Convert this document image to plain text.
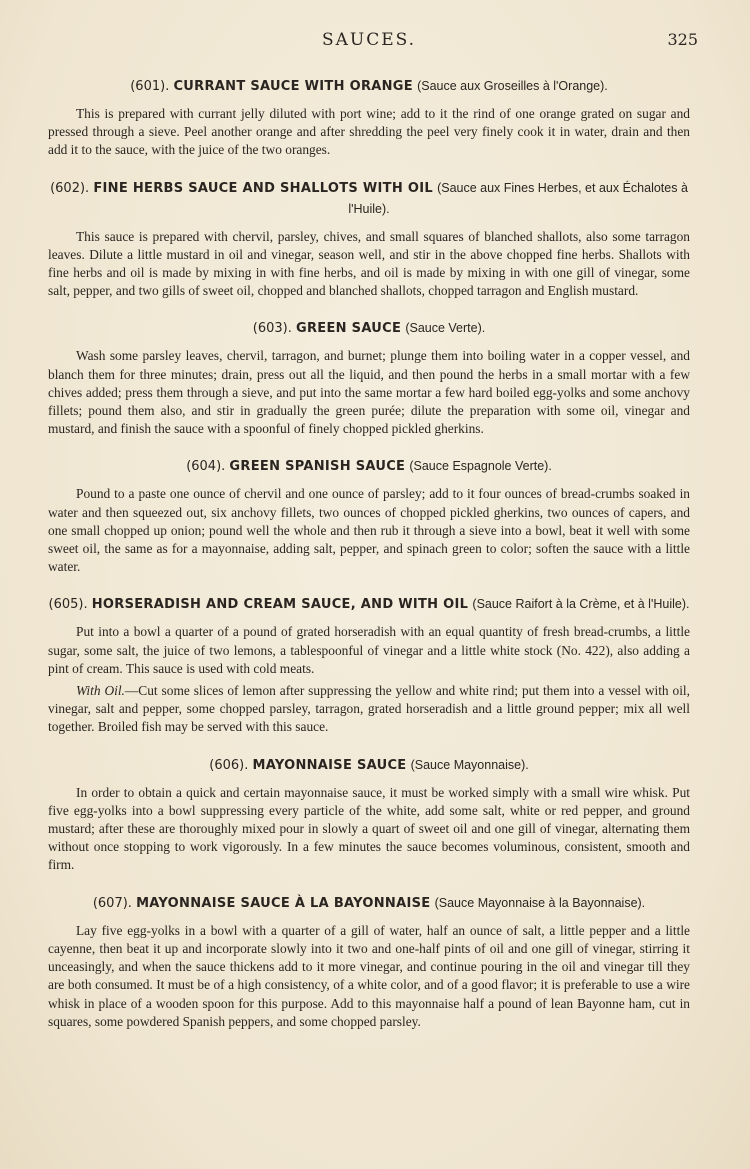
SAUCES.	325
(601). CURRANT SAUCE WITH ORANGE (Sauce aux Groseilles à l'Orange).

This is prepared with currant jelly diluted with port wine; add to it the rind of one orange grated on sugar and pressed through a sieve. Peel another orange and after shredding the peel very finely cook it in water, drain and then add it to the sauce, with the juice of the two oranges.

(602). FINE HERBS SAUCE AND SHALLOTS WITH OIL (Sauce aux Fines Herbes, et aux Échalotes à l'Huile).

This sauce is prepared with chervil, parsley, chives, and small squares of blanched shallots, also some tarragon leaves. Dilute a little mustard in oil and vinegar, season well, and stir in the above chopped fine herbs. Shallots with fine herbs and oil is made by mixing in with fine herbs, and oil is made by mixing in with one gill of vinegar, some salt, pepper, and two gills of sweet oil, chopped and blanched shallots, chopped tarragon and English mustard.

(603). GREEN SAUCE (Sauce Verte).

Wash some parsley leaves, chervil, tarragon, and burnet; plunge them into boiling water in a copper vessel, and blanch them for three minutes; drain, press out all the liquid, and then pound the herbs in a small mortar with a few chives added; press them through a sieve, and put into the same mortar a few hard boiled egg-yolks and some anchovy fillets; pound them also, and stir in gradually the green purée; dilute the preparation with some oil, vinegar and mustard, and finish the sauce with a spoonful of finely chopped pickled gherkins.

(604). GREEN SPANISH SAUCE (Sauce Espagnole Verte).

Pound to a paste one ounce of chervil and one ounce of parsley; add to it four ounces of bread-crumbs soaked in water and then squeezed out, six anchovy fillets, two ounces of chopped pickled gherkins, two ounces of capers, and one small chopped up onion; pound well the whole and then rub it through a sieve into a bowl, beat it well with some sweet oil, the same as for a mayonnaise, adding salt, pepper, and spinach green to color; soften the sauce with a little water.

(605). HORSERADISH AND CREAM SAUCE, AND WITH OIL (Sauce Raifort à la Crème, et à l'Huile).

Put into a bowl a quarter of a pound of grated horseradish with an equal quantity of fresh bread-crumbs, a little sugar, some salt, the juice of two lemons, a tablespoonful of vinegar and a little white stock (No. 422), also adding a pint of cream. This sauce is used with cold meats.

With Oil.—Cut some slices of lemon after suppressing the yellow and white rind; put them into a vessel with oil, vinegar, salt and pepper, some chopped parsley, tarragon, grated horseradish and a little ground pepper; mix all well together. Broiled fish may be served with this sauce.

(606). MAYONNAISE SAUCE (Sauce Mayonnaise).

In order to obtain a quick and certain mayonnaise sauce, it must be worked simply with a small wire whisk. Put five egg-yolks into a bowl suppressing every particle of the white, add some salt, white or red pepper, and ground mustard; after these are thoroughly mixed pour in slowly a quart of sweet oil and one gill of vinegar, alternating them without once stopping to work vigorously. In a few minutes the sauce becomes voluminous, consistent, smooth and firm.

(607). MAYONNAISE SAUCE À LA BAYONNAISE (Sauce Mayonnaise à la Bayonnaise).

Lay five egg-yolks in a bowl with a quarter of a gill of water, half an ounce of salt, a little pepper and a little cayenne, then beat it up and incorporate slowly into it two and one-half pints of oil and one gill of vinegar, stirring it unceasingly, and when the sauce thickens add to it more vinegar, and continue pouring in the oil and vinegar till they are both consumed. It must be of a high consistency, of a white color, and of a good flavor; it is preferable to use a wire whisk in place of a wooden spoon for this purpose. Add to this mayonnaise half a pound of lean Bayonne ham, cut in squares, some powdered Spanish peppers, and some chopped parsley.
